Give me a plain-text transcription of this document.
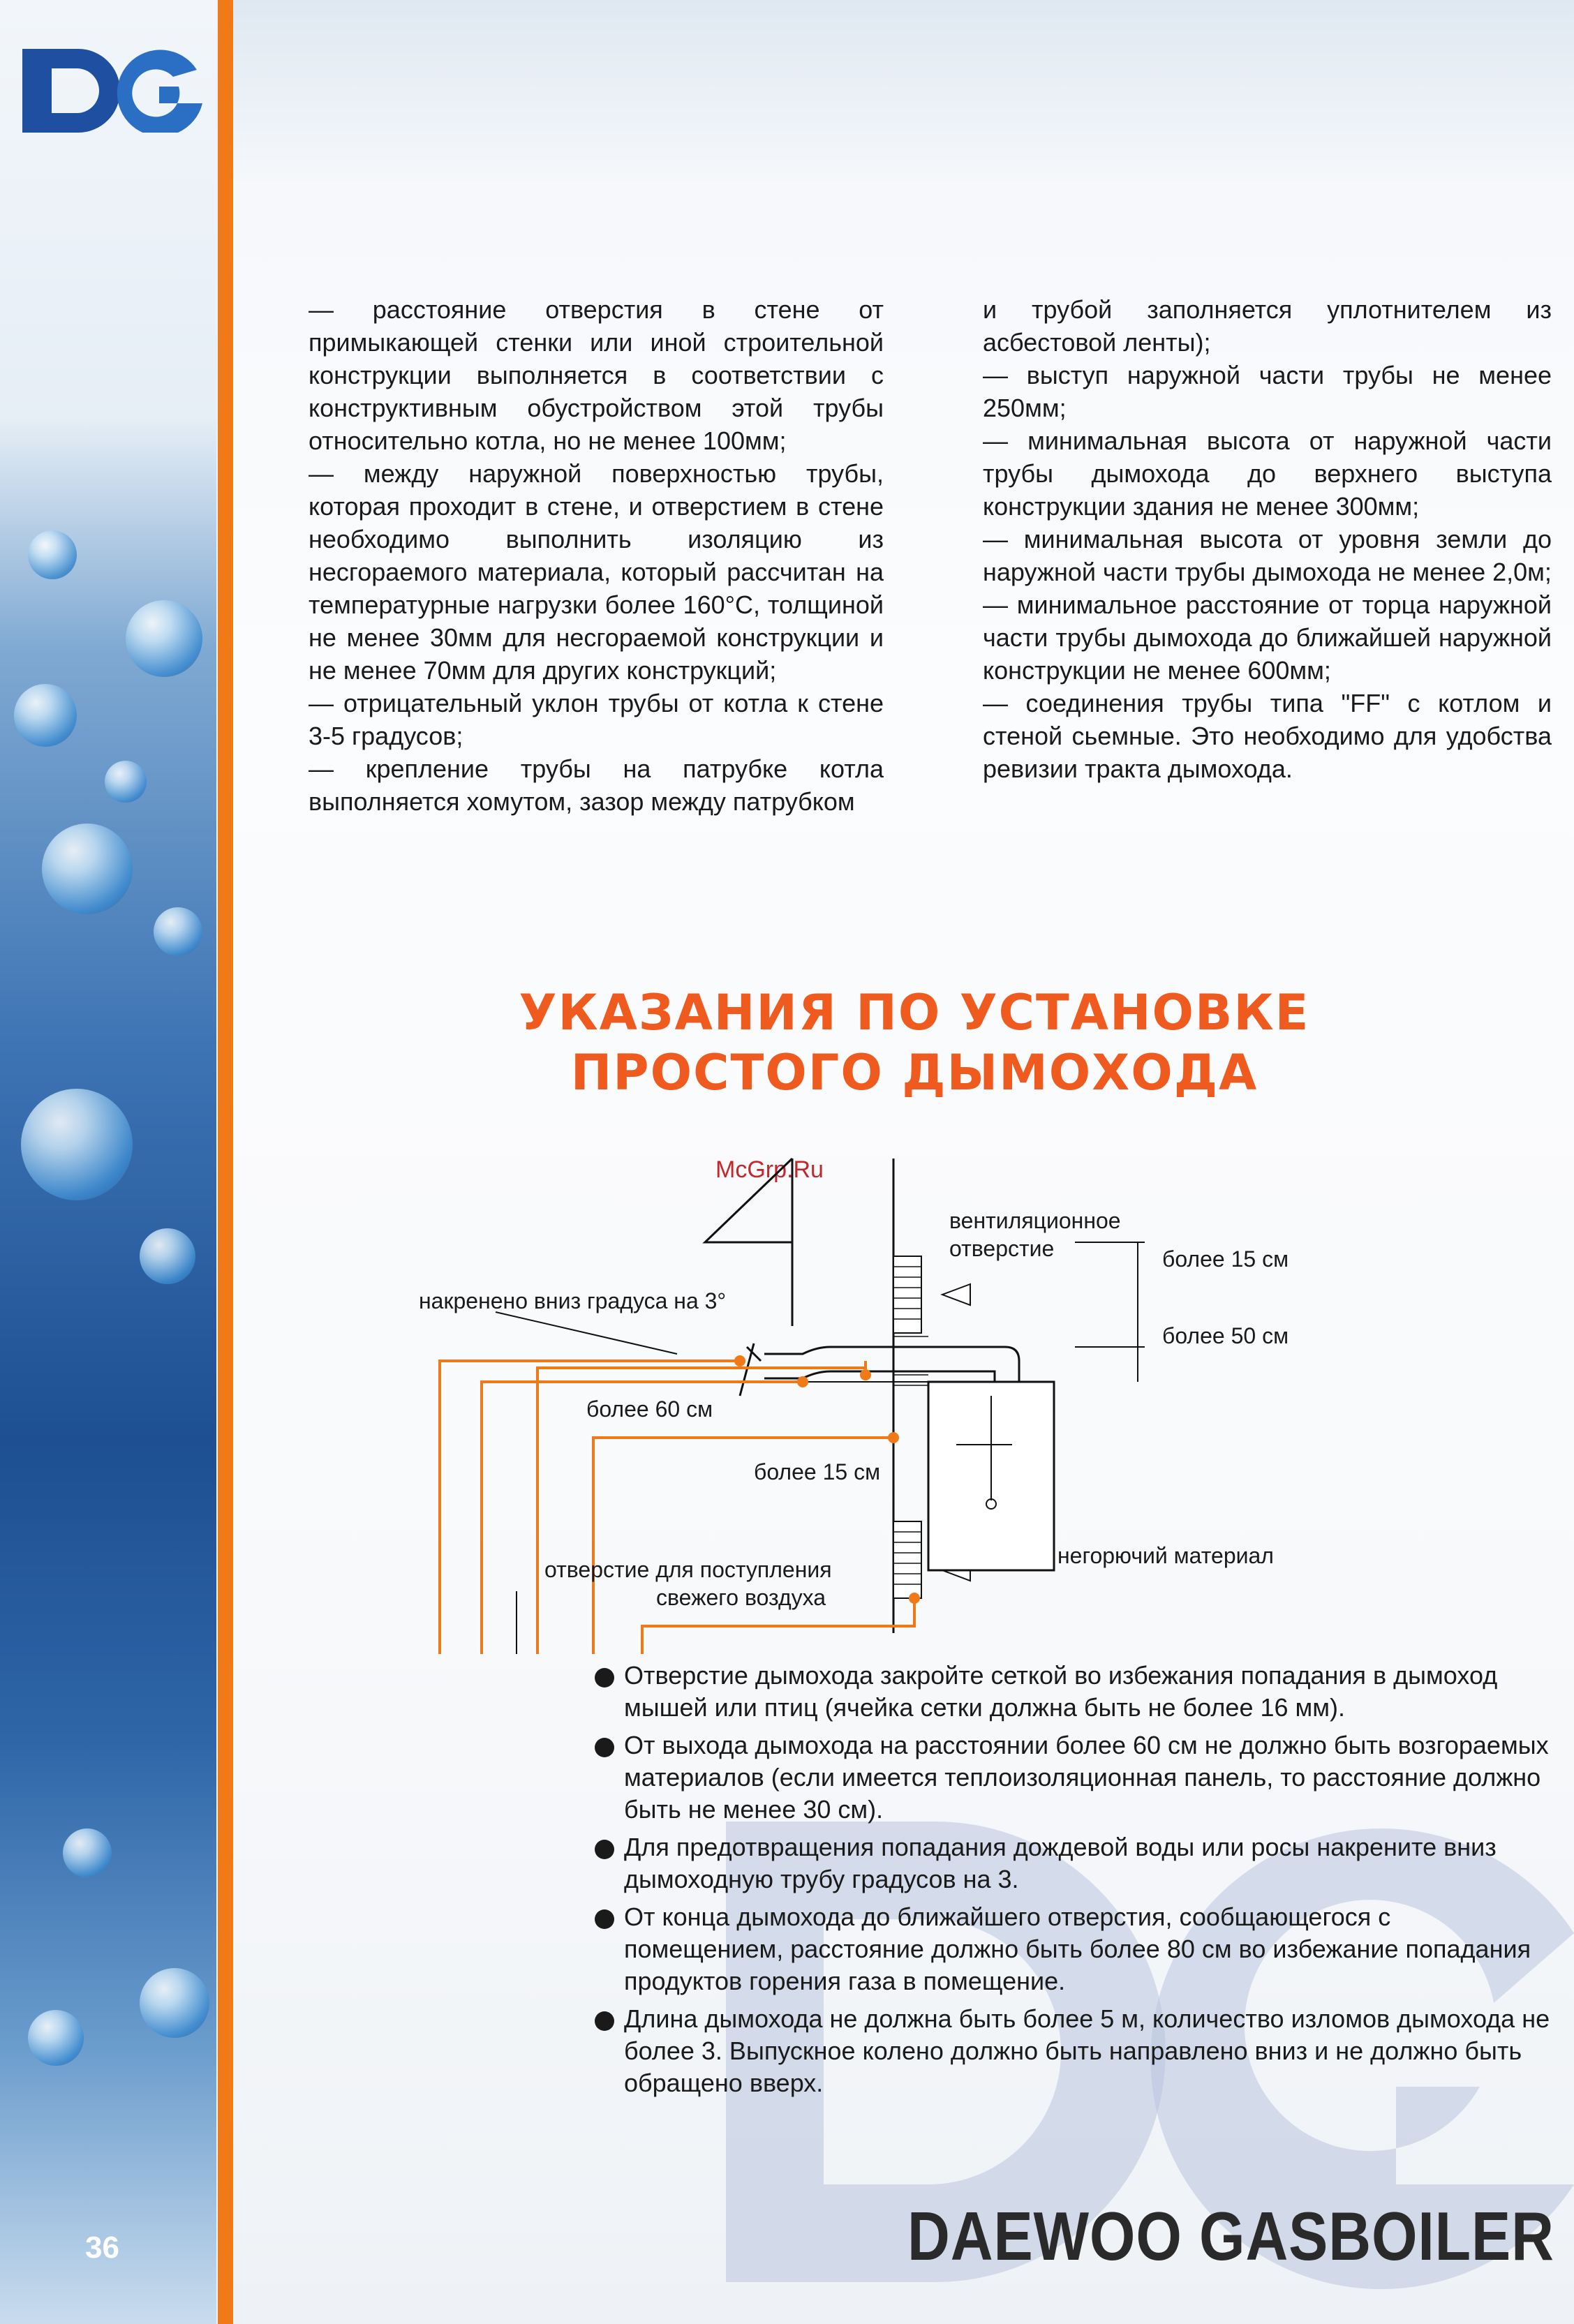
— расстояние отверстия в стене от примыкающей стенки или иной строительной конструкции выполняется в соответствии с конструктивным обустройством этой трубы относительно котла, но не менее 100мм;

— между наружной поверхностью трубы, которая проходит в стене, и отверстием в стене необходимо выполнить изоляцию из несгораемого материала, который рассчитан на температурные нагрузки более 160°С, толщиной не менее 30мм для несгораемой конструкции и не менее 70мм для других конструкций;

— отрицательный уклон трубы от котла к стене 3-5 градусов;

— крепление трубы на патрубке котла выполняется хомутом, зазор между патрубком

и трубой заполняется уплотнителем из асбестовой ленты);

— выступ наружной части трубы не менее 250мм;

— минимальная высота от наружной части трубы дымохода до верхнего выступа конструкции здания не менее 300мм;

— минимальная высота от уровня земли до наружной части трубы дымохода не менее 2,0м;

— минимальное расстояние от торца наружной части трубы дымохода до ближайшей наружной конструкции не менее 600мм;

— соединения трубы типа "FF" с котлом и стеной сьемные. Это необходимо для удобства ревизии тракта дымохода.

УКАЗАНИЯ ПО УСТАНОВКЕ
ПРОСТОГО ДЫМОХОДА
McGrp.Ru
вентиляционное
отверстие	более 15 см
более 50 см
накренено вниз градуса на 3°
более 60 см
более 15 см
отверстие для поступления
свежего воздуха
негорючий материал
Отверстие дымохода закройте сеткой во избежания попадания в дымоход мышей или птиц (ячейка сетки должна быть не более 16 мм).
От выхода дымохода на расстоянии более 60 см не должно быть возгораемых материалов (если имеется теплоизоляционная панель, то расстояние должно быть не менее 30 см).
Для предотвращения попадания дождевой воды или росы накрените вниз дымоходную трубу градусов на 3.
От конца дымохода до ближайшего отверстия, сообщающегося с помещением, расстояние должно быть более 80 см во избежание попадания продуктов горения газа в помещение.
Длина дымохода не должна быть более 5 м, количество изломов дымохода не более 3. Выпускное колено должно быть направлено вниз и не должно быть обращено вверх.
36	DAEWOO GASBOILER
